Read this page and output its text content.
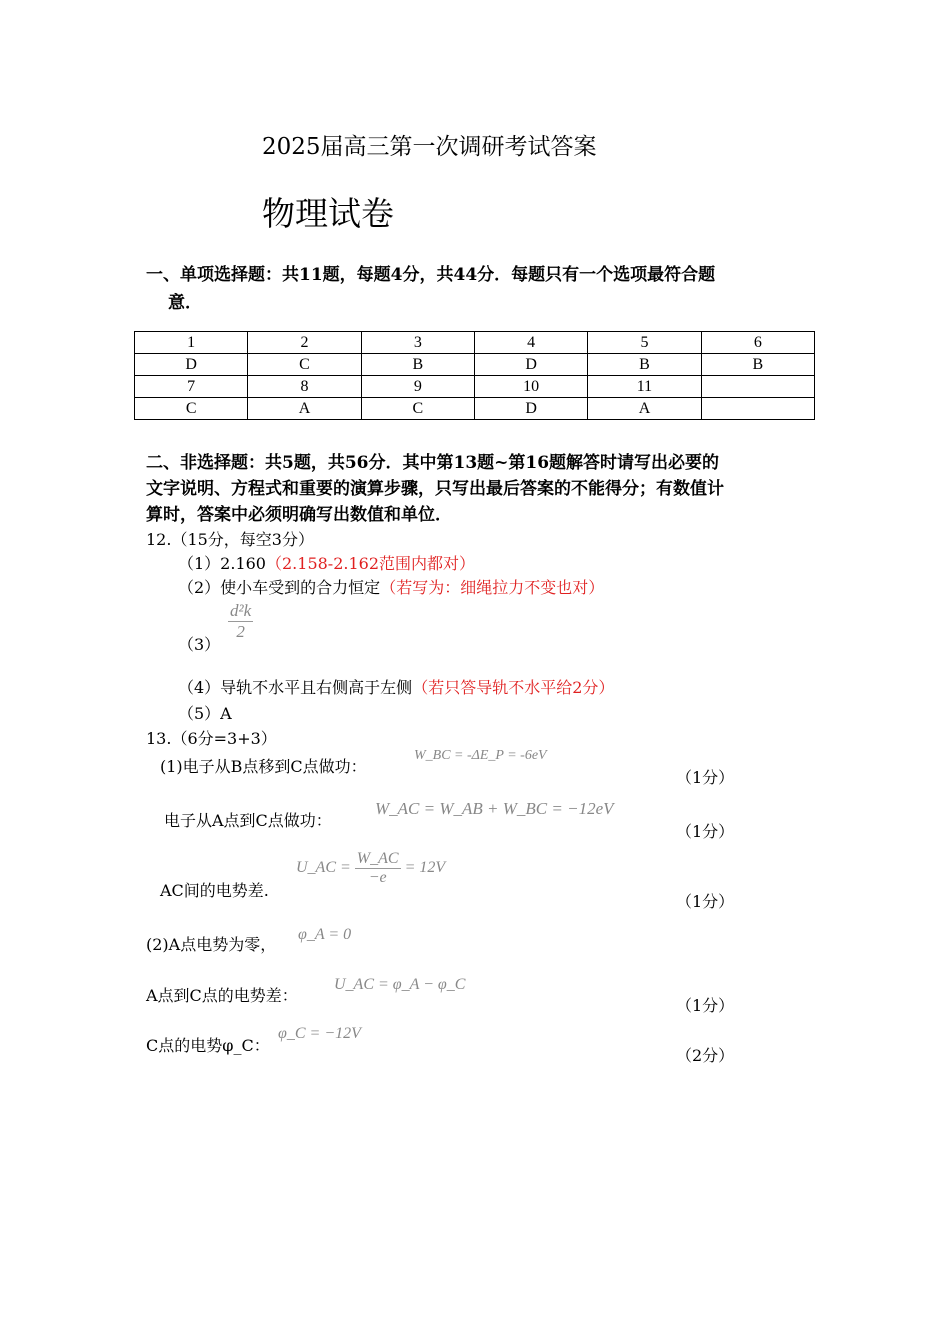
2025届高三第一次调研考试答案
物理试卷
一、单项选择题：共11题，每题4分，共44分．每题只有一个选项最符合题
意．
1	2	3	4	5	6
D	C	B	D	B	B
7	8	9	10	11	
C	A	C	D	A	
二、非选择题：共5题，共56分．其中第13题~第16题解答时请写出必要的
文字说明、方程式和重要的演算步骤，只写出最后答案的不能得分；有数值计
算时，答案中必须明确写出数值和单位．
12.（15分，每空3分）
（1）2.160（2.158-2.162范围内都对）
（2）使小车受到的合力恒定（若写为：细绳拉力不变也对）
（3）
$\frac{\text{d²k}}{2}$
（4）导轨不水平且右侧高于左侧（若只答导轨不水平给2分）
（5）A
13.（6分=3+3）
(1)电子从B点移到C点做功：
W_BC = -ΔE_P = -6eV
（1分）
电子从A点到C点做功：
W_AC = W_AB + W_BC = −12eV
（1分）
AC间的电势差.
U_AC = $\frac{W\_AC}{-e} = 12V$
（1分）
(2)A点电势为零，
φ_A = 0
A点到C点的电势差：
U_AC = φ_A − φ_C
（1分）
C点的电势φ_C：
φ_C = −12V
（2分）
